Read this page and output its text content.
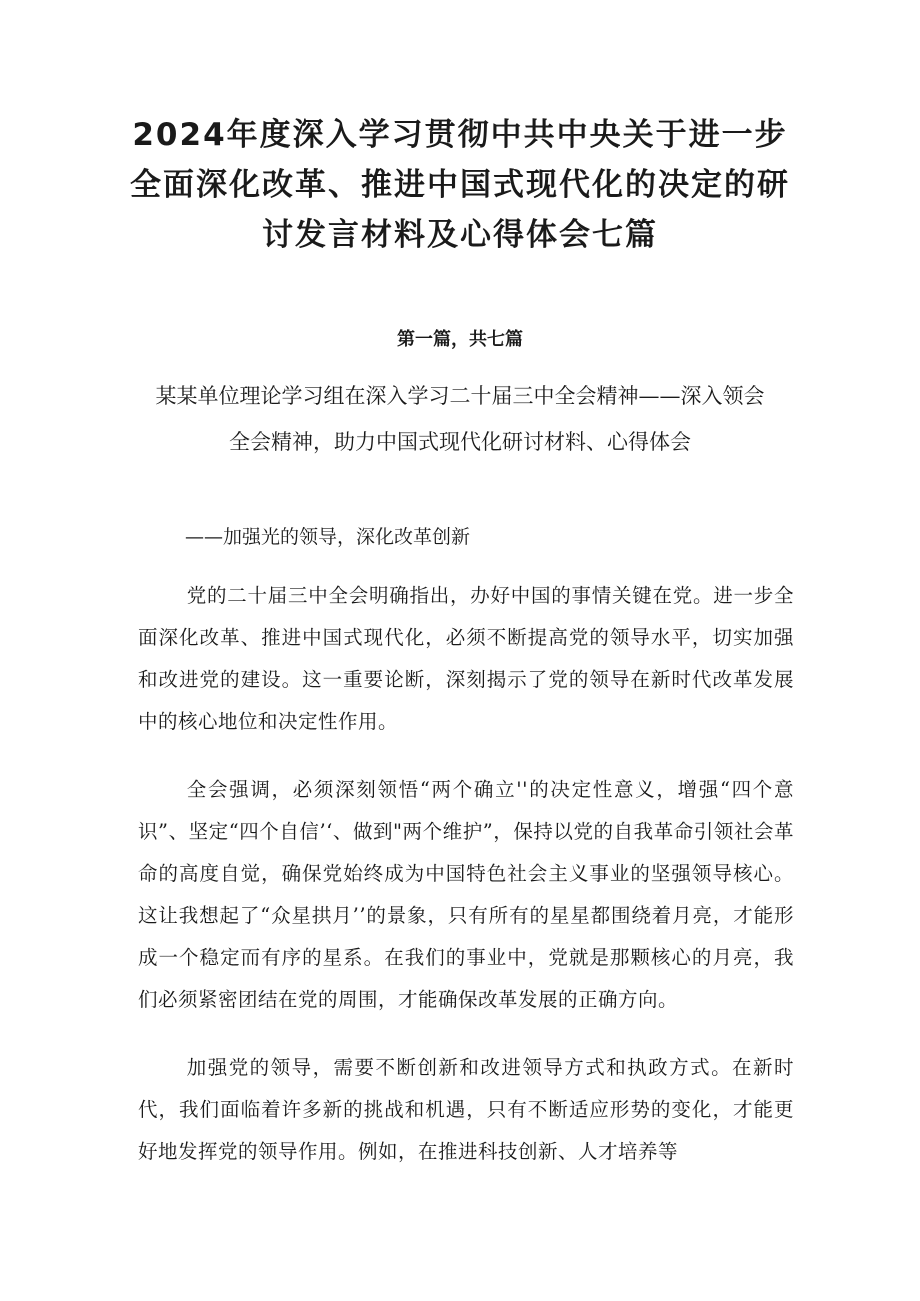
2024年度深入学习贯彻中共中央关于进一步全面深化改革、推进中国式现代化的决定的研讨发言材料及心得体会七篇
第一篇，共七篇
某某单位理论学习组在深入学习二十届三中全会精神——深入领会全会精神，助力中国式现代化研讨材料、心得体会
——加强光的领导，深化改革创新

党的二十届三中全会明确指出，办好中国的事情关键在党。进一步全面深化改革、推进中国式现代化，必须不断提高党的领导水平，切实加强和改进党的建设。这一重要论断，深刻揭示了党的领导在新时代改革发展中的核心地位和决定性作用。

全会强调，必须深刻领悟“两个确立''的决定性意义，增强“四个意识”、坚定“四个自信’‘、做到"两个维护”，保持以党的自我革命引领社会革命的高度自觉，确保党始终成为中国特色社会主义事业的坚强领导核心。这让我想起了“众星拱月’’的景象，只有所有的星星都围绕着月亮，才能形成一个稳定而有序的星系。在我们的事业中，党就是那颗核心的月亮，我们必须紧密团结在党的周围，才能确保改革发展的正确方向。

加强党的领导，需要不断创新和改进领导方式和执政方式。在新时代，我们面临着许多新的挑战和机遇，只有不断适应形势的变化，才能更好地发挥党的领导作用。例如，在推进科技创新、人才培养等
